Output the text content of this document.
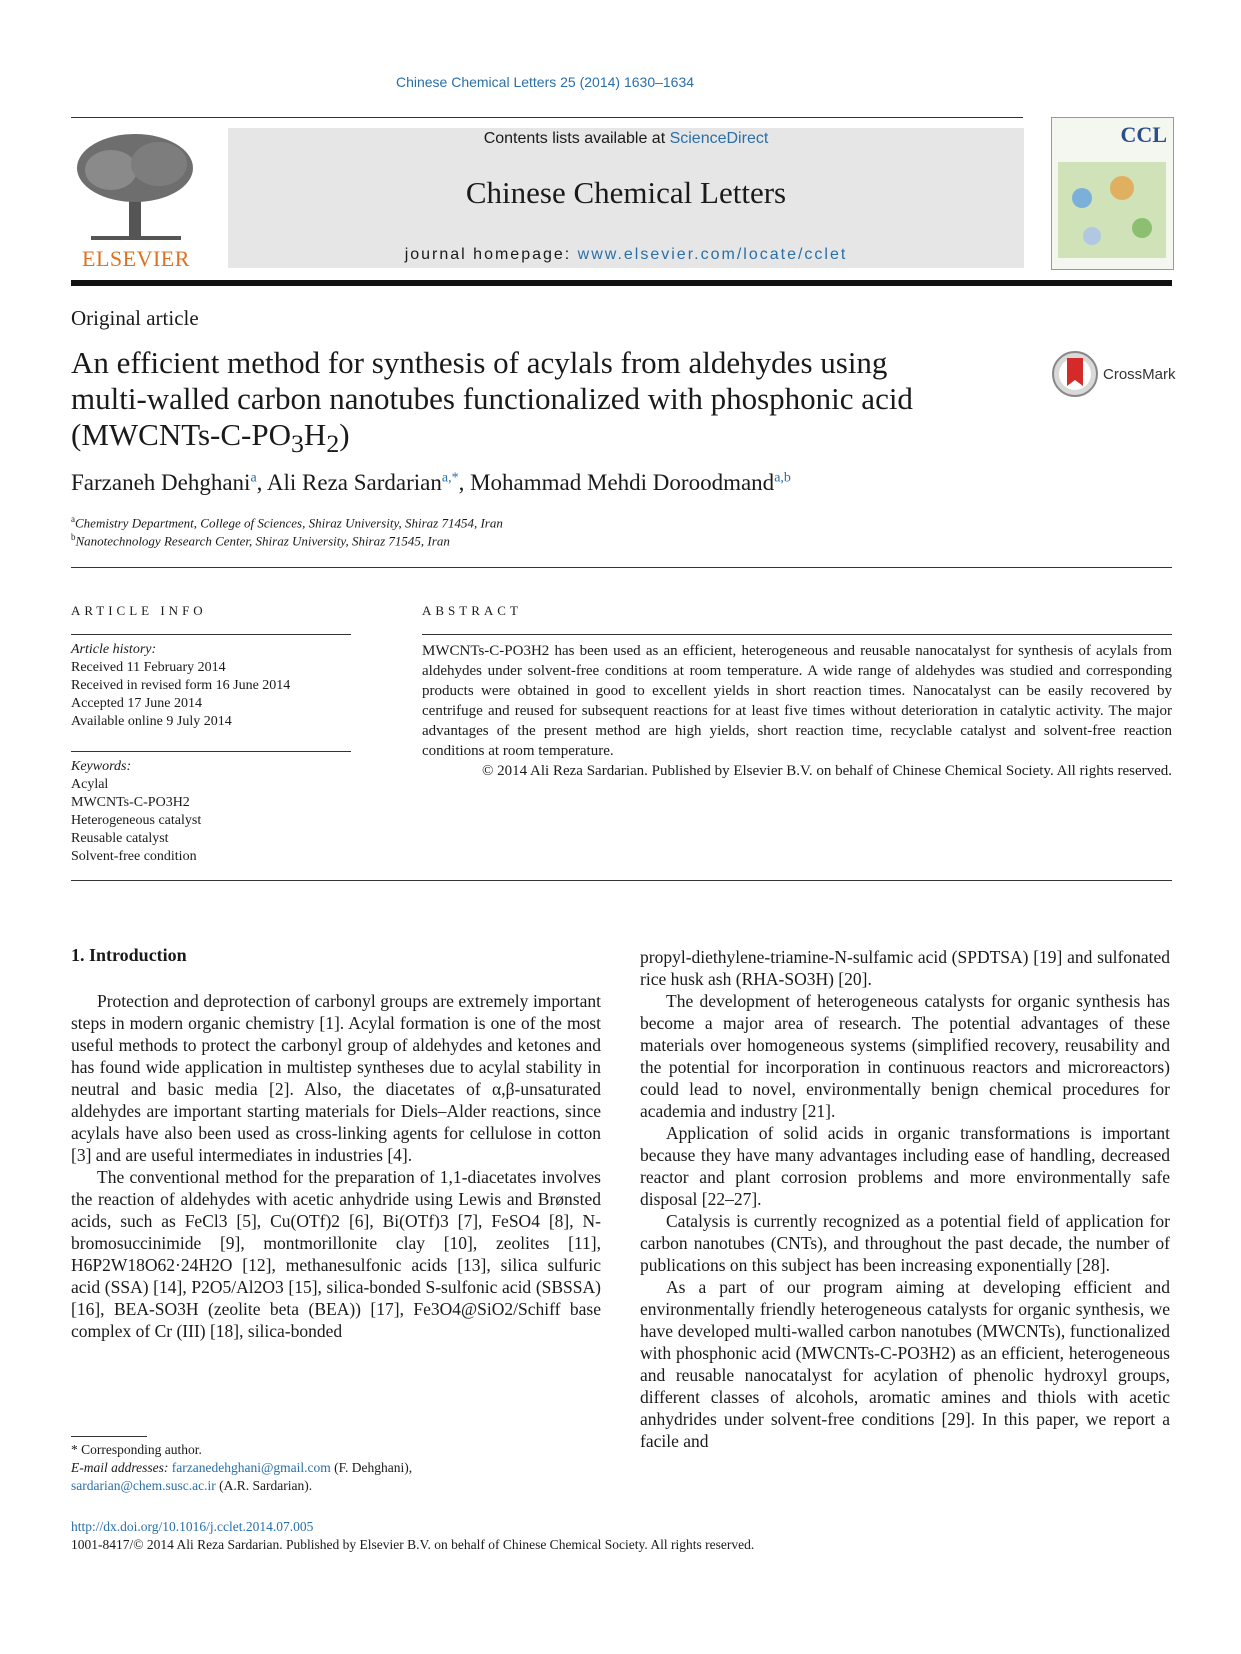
Chinese Chemical Letters 25 (2014) 1630–1634
ELSEVIER
Contents lists available at ScienceDirect
Chinese Chemical Letters
journal homepage: www.elsevier.com/locate/cclet
CCL
Original article
An efficient method for synthesis of acylals from aldehydes using
multi-walled carbon nanotubes functionalized with phosphonic acid
$(MWCNTs-C-PO_3H_2)$
CrossMark
Farzaneh Dehghani$^a$, Ali Reza Sardarian$^{a,*}$, Mohammad Mehdi Doroodmand$^{a,b}$
$^a$Chemistry Department, College of Sciences, Shiraz University, Shiraz 71454, Iran
$^b$Nanotechnology Research Center, Shiraz University, Shiraz 71545, Iran
ARTICLE INFO
Article history:
Received 11 February 2014
Received in revised form 16 June 2014
Accepted 17 June 2014
Available online 9 July 2014
Keywords:
Acylal
MWCNTs-C-PO3H2
Heterogeneous catalyst
Reusable catalyst
Solvent-free condition
ABSTRACT
MWCNTs-C-PO3H2 has been used as an efficient, heterogeneous and reusable nanocatalyst for synthesis of acylals from aldehydes under solvent-free conditions at room temperature. A wide range of aldehydes was studied and corresponding products were obtained in good to excellent yields in short reaction times. Nanocatalyst can be easily recovered by centrifuge and reused for subsequent reactions for at least five times without deterioration in catalytic activity. The major advantages of the present method are high yields, short reaction time, recyclable catalyst and solvent-free reaction conditions at room temperature.
© 2014 Ali Reza Sardarian. Published by Elsevier B.V. on behalf of Chinese Chemical Society. All rights reserved.
1. Introduction

Protection and deprotection of carbonyl groups are extremely important steps in modern organic chemistry [1]. Acylal formation is one of the most useful methods to protect the carbonyl group of aldehydes and ketones and has found wide application in multistep syntheses due to acylal stability in neutral and basic media [2]. Also, the diacetates of α,β-unsaturated aldehydes are important starting materials for Diels–Alder reactions, since acylals have also been used as cross-linking agents for cellulose in cotton [3] and are useful intermediates in industries [4].

The conventional method for the preparation of 1,1-diacetates involves the reaction of aldehydes with acetic anhydride using Lewis and Brønsted acids, such as FeCl3 [5], Cu(OTf)2 [6], Bi(OTf)3 [7], FeSO4 [8], N-bromosuccinimide [9], montmorillonite clay [10], zeolites [11], H6P2W18O62·24H2O [12], methanesulfonic acids [13], silica sulfuric acid (SSA) [14], P2O5/Al2O3 [15], silica-bonded S-sulfonic acid (SBSSA) [16], BEA-SO3H (zeolite beta (BEA)) [17], Fe3O4@SiO2/Schiff base complex of Cr (III) [18], silica-bonded

propyl-diethylene-triamine-N-sulfamic acid (SPDTSA) [19] and sulfonated rice husk ash (RHA-SO3H) [20].

The development of heterogeneous catalysts for organic synthesis has become a major area of research. The potential advantages of these materials over homogeneous systems (simplified recovery, reusability and the potential for incorporation in continuous reactors and microreactors) could lead to novel, environmentally benign chemical procedures for academia and industry [21].

Application of solid acids in organic transformations is important because they have many advantages including ease of handling, decreased reactor and plant corrosion problems and more environmentally safe disposal [22–27].

Catalysis is currently recognized as a potential field of application for carbon nanotubes (CNTs), and throughout the past decade, the number of publications on this subject has been increasing exponentially [28].

As a part of our program aiming at developing efficient and environmentally friendly heterogeneous catalysts for organic synthesis, we have developed multi-walled carbon nanotubes (MWCNTs), functionalized with phosphonic acid (MWCNTs-C-PO3H2) as an efficient, heterogeneous and reusable nanocatalyst for acylation of phenolic hydroxyl groups, different classes of alcohols, aromatic amines and thiols with acetic anhydrides under solvent-free conditions [29]. In this paper, we report a facile and

* Corresponding author.
E-mail addresses: farzanedehghani@gmail.com (F. Dehghani),
sardarian@chem.susc.ac.ir (A.R. Sardarian).
http://dx.doi.org/10.1016/j.cclet.2014.07.005
1001-8417/© 2014 Ali Reza Sardarian. Published by Elsevier B.V. on behalf of Chinese Chemical Society. All rights reserved.
